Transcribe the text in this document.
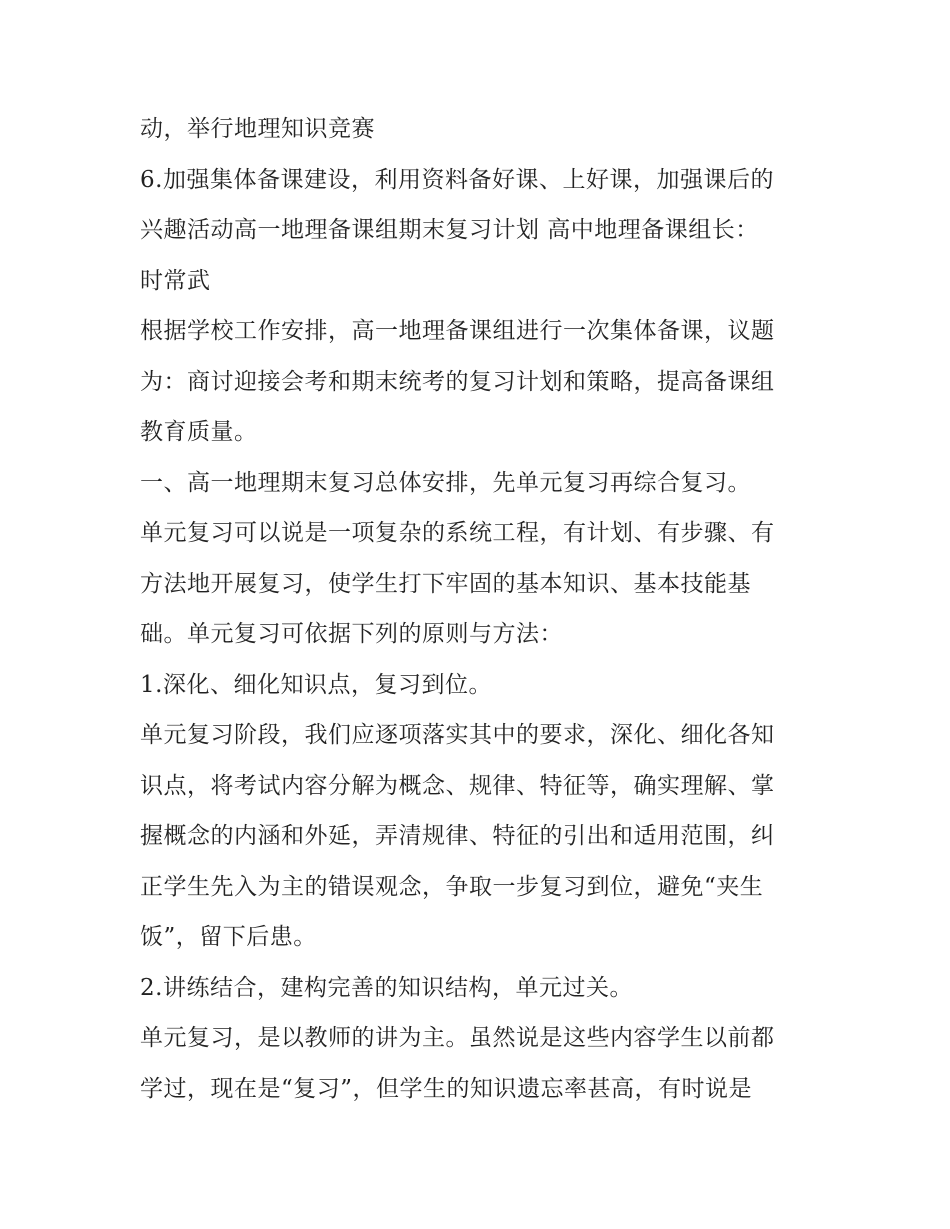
动，举行地理知识竞赛
6.加强集体备课建设，利用资料备好课、上好课，加强课后的
兴趣活动高一地理备课组期末复习计划 高中地理备课组长：
时常武
根据学校工作安排，高一地理备课组进行一次集体备课，议题
为：商讨迎接会考和期末统考的复习计划和策略，提高备课组
教育质量。
一、高一地理期末复习总体安排，先单元复习再综合复习。
单元复习可以说是一项复杂的系统工程，有计划、有步骤、有
方法地开展复习，使学生打下牢固的基本知识、基本技能基
础。单元复习可依据下列的原则与方法：
1.深化、细化知识点，复习到位。
单元复习阶段，我们应逐项落实其中的要求，深化、细化各知
识点，将考试内容分解为概念、规律、特征等，确实理解、掌
握概念的内涵和外延，弄清规律、特征的引出和适用范围，纠
正学生先入为主的错误观念，争取一步复习到位，避免“夹生
饭”，留下后患。
2.讲练结合，建构完善的知识结构，单元过关。
单元复习，是以教师的讲为主。虽然说是这些内容学生以前都
学过，现在是“复习”，但学生的知识遗忘率甚高，有时说是
